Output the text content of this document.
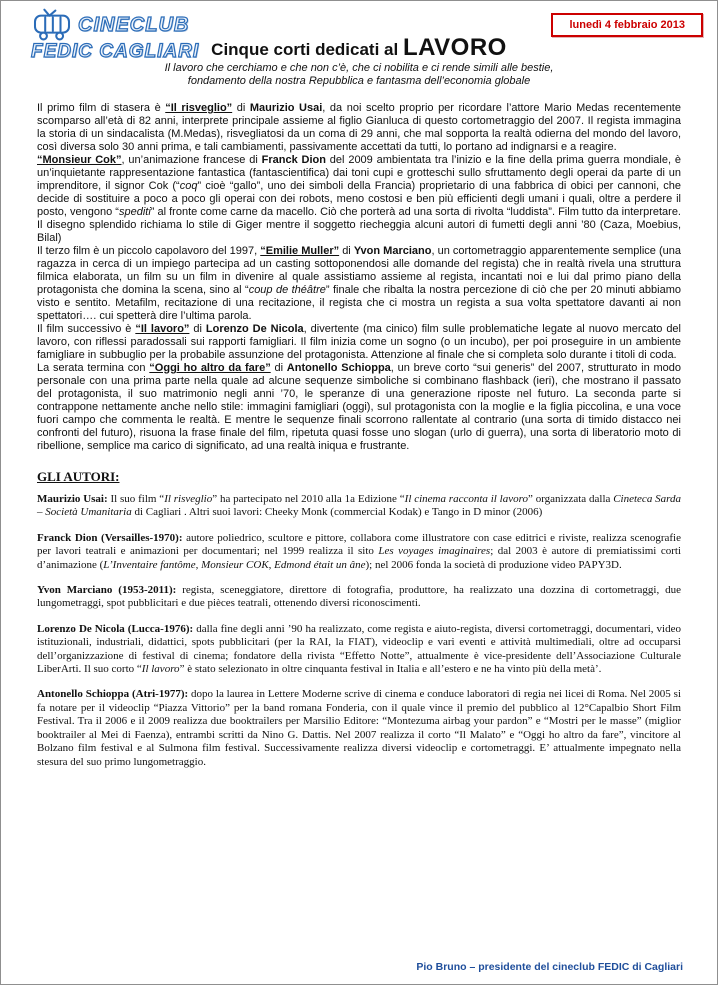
CINECLUB
FEDIC CAGLIARI
lunedì 4 febbraio 2013
Cinque corti dedicati al LAVORO
Il lavoro che cerchiamo e che non c’è, che ci nobilita e ci rende simili alle bestie,
fondamento della nostra Repubblica e fantasma dell’economia globale

Il primo film di stasera è “Il risveglio” di Maurizio Usai, da noi scelto proprio per ricordare l’attore Mario Medas recentemente scomparso all’età di 82 anni, interprete principale assieme al figlio Gianluca di questo cortometraggio del 2007. Il regista immagina la storia di un sindacalista (M.Medas), risvegliatosi da un coma di 29 anni, che mal sopporta la realtà odierna del mondo del lavoro, così diversa solo 30 anni prima, e tali cambiamenti, passivamente accettati da tutti, lo portano ad indignarsi e a reagire.

“Monsieur Cok”, un’animazione francese di Franck Dion del 2009 ambientata tra l’inizio e la fine della prima guerra mondiale, è un’inquietante rappresentazione fantastica (fantascientifica) dai toni cupi e grotteschi sullo sfruttamento degli operai da parte di un imprenditore, il signor Cok (“coq” cioè “gallo”, uno dei simboli della Francia) proprietario di una fabbrica di obici per cannoni, che decide di sostituire a poco a poco gli operai con dei robots, meno costosi e ben più efficienti degli umani i quali, oltre a perdere il posto, vengono “spediti” al fronte come carne da macello. Ciò che porterà ad una sorta di rivolta “luddista”. Film tutto da interpretare. Il disegno splendido richiama lo stile di Giger mentre il soggetto riecheggia alcuni autori di fumetti degli anni ’80 (Caza, Moebius, Bilal)

Il terzo film è un piccolo capolavoro del 1997, “Emilie Muller” di Yvon Marciano, un cortometraggio apparentemente semplice (una ragazza in cerca di un impiego partecipa ad un casting sottoponendosi alle domande del regista) che in realtà rivela una struttura filmica elaborata, un film su un film in divenire al quale assistiamo assieme al regista, incantati noi e lui dal primo piano della protagonista che domina la scena, sino al “coup de théâtre” finale che ribalta la nostra percezione di ciò che per 20 minuti abbiamo visto e sentito. Metafilm, recitazione di una recitazione, il regista che ci mostra un regista a sua volta spettatore davanti ai non spettatori…. cui spetterà dire l’ultima parola.

Il film successivo è “Il lavoro” di Lorenzo De Nicola, divertente (ma cinico) film sulle problematiche legate al nuovo mercato del lavoro, con riflessi paradossali sui rapporti famigliari. Il film inizia come un sogno (o un incubo), per poi proseguire in un ambiente famigliare in subbuglio per la probabile assunzione del protagonista. Attenzione al finale che si completa solo durante i titoli di coda.

La serata termina con “Oggi ho altro da fare” di Antonello Schioppa, un breve corto “sui generis” del 2007, strutturato in modo personale con una prima parte nella quale ad alcune sequenze simboliche si combinano flashback (ieri), che mostrano il passato del protagonista, il suo matrimonio negli anni ’70, le speranze di una generazione riposte nel futuro. La seconda parte si contrappone nettamente anche nello stile: immagini famigliari (oggi), sul protagonista con la moglie e la figlia piccolina, e una voce fuori campo che commenta le realtà. E mentre le sequenze finali scorrono rallentate al contrario (una sorta di timido distacco nei confronti del futuro), risuona la frase finale del film, ripetuta quasi fosse uno slogan (urlo di guerra), una sorta di liberatorio moto di ribellione, semplice ma carico di significato, ad una realtà iniqua e frustrante.

GLI AUTORI:

Maurizio Usai: Il suo film “Il risveglio” ha partecipato nel 2010 alla 1a Edizione “Il cinema racconta il lavoro” organizzata dalla Cineteca Sarda – Società Umanitaria di Cagliari . Altri suoi lavori: Cheeky Monk (commercial Kodak) e Tango in D minor (2006)

Franck Dion (Versailles-1970): autore poliedrico, scultore e pittore, collabora come illustratore con case editrici e riviste, realizza scenografie per lavori teatrali e animazioni per documentari; nel 1999 realizza il sito Les voyages imaginaires; dal 2003 è autore di premiatissimi corti d’animazione (L’Inventaire fantôme, Monsieur COK, Edmond était un âne); nel 2006 fonda la società di produzione video PAPY3D.

Yvon Marciano (1953-2011): regista, sceneggiatore, direttore di fotografia, produttore, ha realizzato una dozzina di cortometraggi, due lungometraggi, spot pubblicitari e due pièces teatrali, ottenendo diversi riconoscimenti.

Lorenzo De Nicola (Lucca-1976): dalla fine degli anni ’90 ha realizzato, come regista e aiuto-regista, diversi cortometraggi, documentari, video istituzionali, industriali, didattici, spots pubblicitari (per la RAI, la FIAT), videoclip e vari eventi e attività multimediali, oltre ad occuparsi dell’organizzazione di festival di cinema; fondatore della rivista “Effetto Notte”, attualmente è vice-presidente dell’Associazione Culturale LiberArti. Il suo corto “Il lavoro” è stato selezionato in oltre cinquanta festival in Italia e all’estero e ne ha vinto più della metà’.

Antonello Schioppa (Atri-1977): dopo la laurea in Lettere Moderne scrive di cinema e conduce laboratori di regia nei licei di Roma. Nel 2005 si fa notare per il videoclip “Piazza Vittorio” per la band romana Fonderia, con il quale vince il premio del pubblico al 12°Capalbio Short Film Festival. Tra il 2006 e il 2009 realizza due booktrailers per Marsilio Editore: “Montezuma airbag your pardon” e “Mostri per le masse” (miglior booktrailer al Mei di Faenza), entrambi scritti da Nino G. Dattis. Nel 2007 realizza il corto “Il Malato” e “Oggi ho altro da fare”, vincitore al Bolzano film festival e al Sulmona film festival. Successivamente realizza diversi videoclip e cortometraggi. E’ attualmente impegnato nella stesura del suo primo lungometraggio.

Pio Bruno – presidente del cineclub FEDIC di Cagliari
